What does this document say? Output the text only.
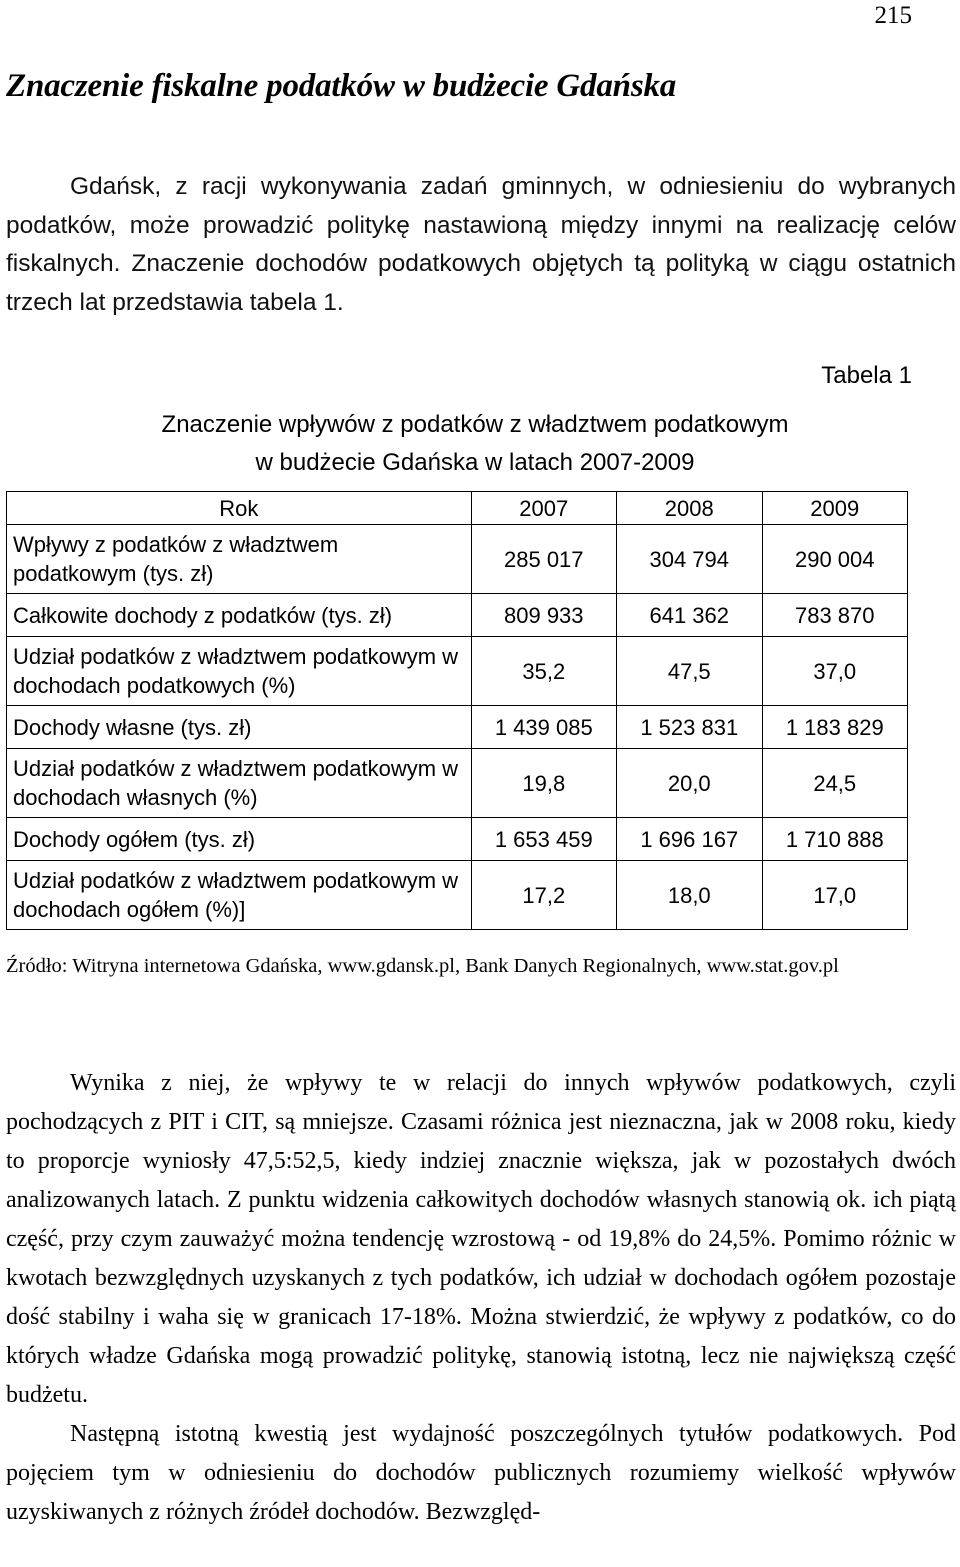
215
Znaczenie fiskalne podatków w budżecie Gdańska

Gdańsk, z racji wykonywania zadań gminnych, w odniesieniu do wybranych podatków, może prowadzić politykę nastawioną między innymi na realizację celów fiskalnych. Znaczenie dochodów podatkowych objętych tą polityką w ciągu ostatnich trzech lat przedstawia tabela 1.

Tabela 1
Znaczenie wpływów z podatków z władztwem podatkowym
w budżecie Gdańska w latach 2007-2009
Rok	2007	2008	2009
Wpływy z podatków z władztwem podatkowym (tys. zł)	285 017	304 794	290 004
Całkowite dochody z podatków (tys. zł)	809 933	641 362	783 870
Udział podatków z władztwem podatkowym w dochodach podatkowych (%)	35,2	47,5	37,0
Dochody własne (tys. zł)	1 439 085	1 523 831	1 183 829
Udział podatków z władztwem podatkowym w dochodach własnych (%)	19,8	20,0	24,5
Dochody ogółem (tys. zł)	1 653 459	1 696 167	1 710 888
Udział podatków z władztwem podatkowym w dochodach ogółem (%)]	17,2	18,0	17,0

Źródło: Witryna internetowa Gdańska, www.gdansk.pl, Bank Danych Regionalnych, www.stat.gov.pl

Wynika z niej, że wpływy te w relacji do innych wpływów podatkowych, czyli pochodzących z PIT i CIT, są mniejsze. Czasami różnica jest nieznaczna, jak w 2008 roku, kiedy to proporcje wyniosły 47,5:52,5, kiedy indziej znacznie większa, jak w pozostałych dwóch analizowanych latach. Z punktu widzenia całkowitych dochodów własnych stanowią ok. ich piątą część, przy czym zauważyć można tendencję wzrostową - od 19,8% do 24,5%. Pomimo różnic w kwotach bezwzględnych uzyskanych z tych podatków, ich udział w dochodach ogółem pozostaje dość stabilny i waha się w granicach 17-18%. Można stwierdzić, że wpływy z podatków, co do których władze Gdańska mogą prowadzić politykę, stanowią istotną, lecz nie największą część budżetu.

Następną istotną kwestią jest wydajność poszczególnych tytułów podatkowych. Pod pojęciem tym w odniesieniu do dochodów publicznych rozumiemy wielkość wpływów uzyskiwanych z różnych źródeł dochodów. Bezwzględ-
